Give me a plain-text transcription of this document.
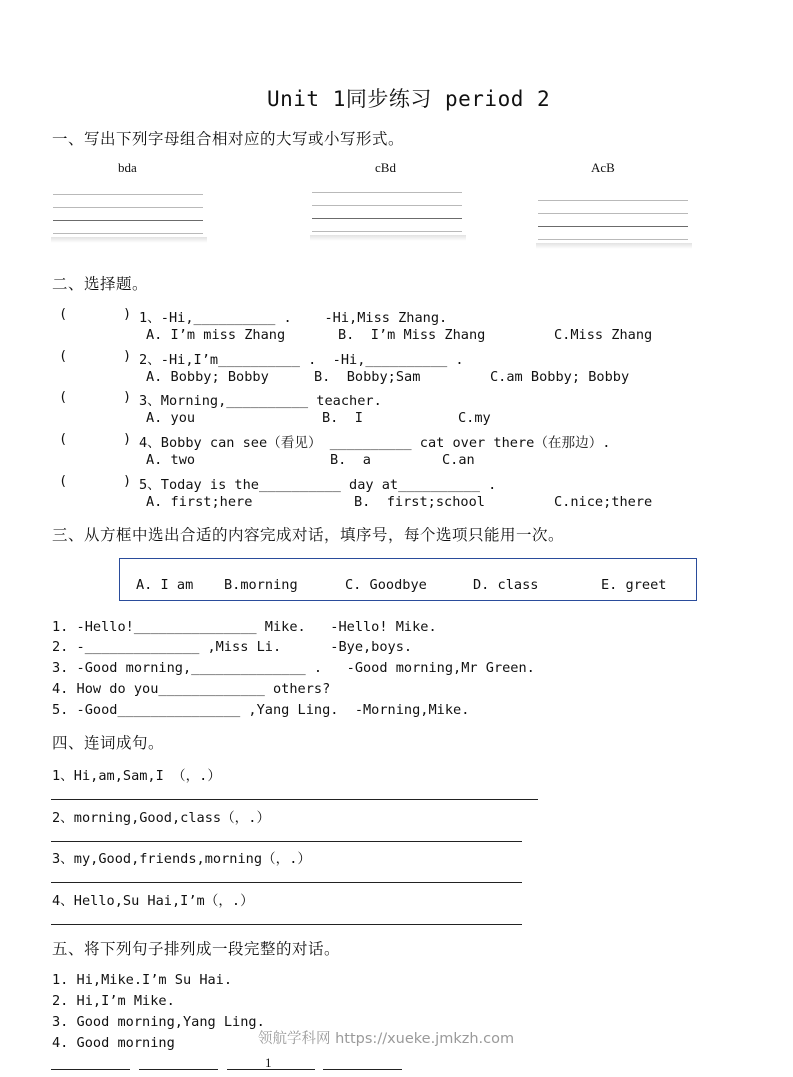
Unit 1同步练习 period 2
一、写出下列字母组合相对应的大写或小写形式。
bda	cBd	AcB
二、选择题。
(	) 1、-Hi,__________ .    -Hi,Miss Zhang.
A. I’m miss Zhang	B.  I’m Miss Zhang	C.Miss Zhang
(	) 2、-Hi,I’m__________ .  -Hi,__________ .
A. Bobby; Bobby	B.  Bobby;Sam	C.am Bobby; Bobby
(	) 3、Morning,__________ teacher.
A. you	B.  I	C.my
(	) 4、Bobby can see（看见） __________ cat over there（在那边）.
A. two	B.  a	C.an
(	) 5、Today is the__________ day at__________ .
A. first;here	B.  first;school	C.nice;there
三、从方框中选出合适的内容完成对话，填序号，每个选项只能用一次。
A. I am B.morning	C. Goodbye	D. class	E. greet
1. -Hello!_______________ Mike.   -Hello! Mike.
2. -______________ ,Miss Li.      -Bye,boys.
3. -Good morning,______________ .   -Good morning,Mr Green.
4. How do you_____________ others?
5. -Good_______________ ,Yang Ling.  -Morning,Mike.
四、连词成句。
1、Hi,am,Sam,I （，.）
2、morning,Good,class（，.）
3、my,Good,friends,morning（，.）
4、Hello,Su Hai,I’m（，.）
五、将下列句子排列成一段完整的对话。
1. Hi,Mike.I’m Su Hai.
2. Hi,I’m Mike.
3. Good morning,Yang Ling.
4. Good morning	领航学科网 https://xueke.jmkzh.com
1
